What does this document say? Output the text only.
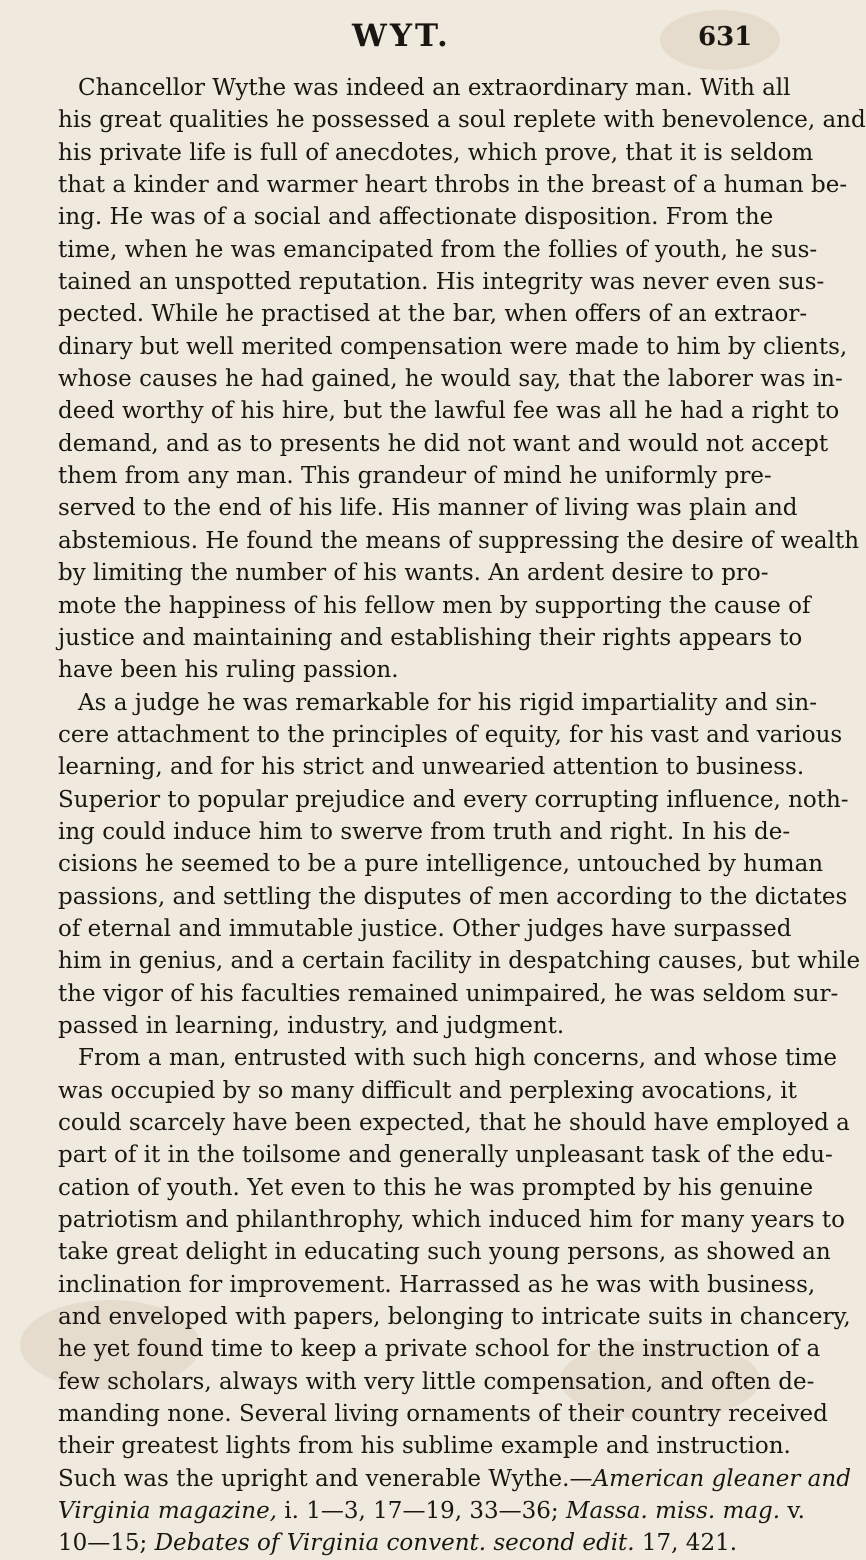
WYT.	631
Chancellor Wythe was indeed an extraordinary man. With all
his great qualities he possessed a soul replete with benevolence, and
his private life is full of anecdotes, which prove, that it is seldom
that a kinder and warmer heart throbs in the breast of a human be-
ing. He was of a social and affectionate disposition. From the
time, when he was emancipated from the follies of youth, he sus-
tained an unspotted reputation. His integrity was never even sus-
pected. While he practised at the bar, when offers of an extraor-
dinary but well merited compensation were made to him by clients,
whose causes he had gained, he would say, that the laborer was in-
deed worthy of his hire, but the lawful fee was all he had a right to
demand, and as to presents he did not want and would not accept
them from any man. This grandeur of mind he uniformly pre-
served to the end of his life. His manner of living was plain and
abstemious. He found the means of suppressing the desire of wealth
by limiting the number of his wants. An ardent desire to pro-
mote the happiness of his fellow men by supporting the cause of
justice and maintaining and establishing their rights appears to
have been his ruling passion.
As a judge he was remarkable for his rigid impartiality and sin-
cere attachment to the principles of equity, for his vast and various
learning, and for his strict and unwearied attention to business.
Superior to popular prejudice and every corrupting influence, noth-
ing could induce him to swerve from truth and right. In his de-
cisions he seemed to be a pure intelligence, untouched by human
passions, and settling the disputes of men according to the dictates
of eternal and immutable justice. Other judges have surpassed
him in genius, and a certain facility in despatching causes, but while
the vigor of his faculties remained unimpaired, he was seldom sur-
passed in learning, industry, and judgment.
From a man, entrusted with such high concerns, and whose time
was occupied by so many difficult and perplexing avocations, it
could scarcely have been expected, that he should have employed a
part of it in the toilsome and generally unpleasant task of the edu-
cation of youth. Yet even to this he was prompted by his genuine
patriotism and philanthrophy, which induced him for many years to
take great delight in educating such young persons, as showed an
inclination for improvement. Harrassed as he was with business,
and enveloped with papers, belonging to intricate suits in chancery,
he yet found time to keep a private school for the instruction of a
few scholars, always with very little compensation, and often de-
manding none. Several living ornaments of their country received
their greatest lights from his sublime example and instruction.
Such was the upright and venerable Wythe.—American gleaner and
Virginia magazine, i. 1—3, 17—19, 33—36; Massa. miss. mag. v.
10—15; Debates of Virginia convent. second edit. 17, 421.
